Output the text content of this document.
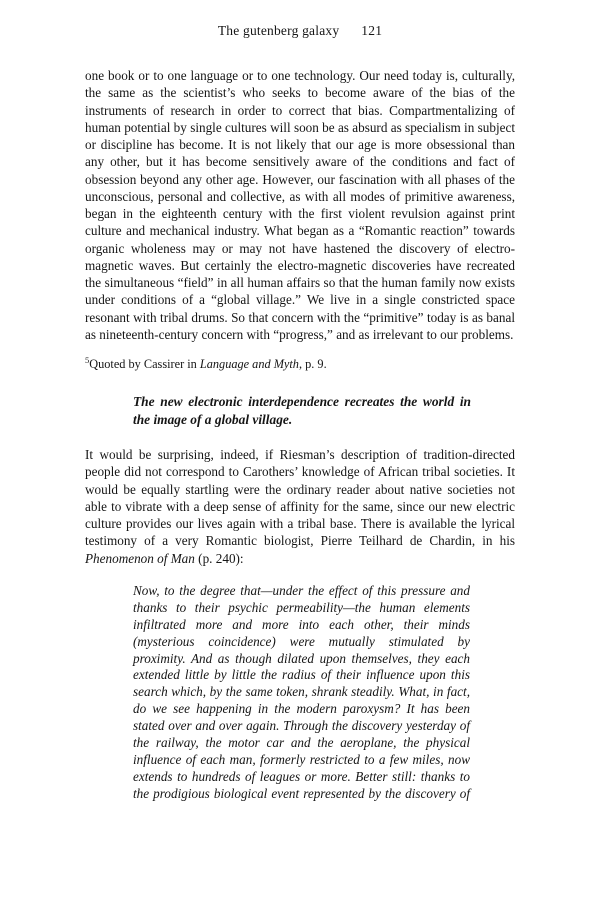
The gutenberg galaxy 121

one book or to one language or to one technology. Our need today is, culturally, the same as the scientist’s who seeks to become aware of the bias of the instruments of research in order to correct that bias. Compartmentalizing of human potential by single cultures will soon be as absurd as specialism in subject or discipline has become. It is not likely that our age is more obsessional than any other, but it has become sensitively aware of the conditions and fact of obsession beyond any other age. However, our fascination with all phases of the unconscious, personal and collective, as with all modes of primitive awareness, began in the eighteenth century with the first violent revulsion against print culture and mechanical industry. What began as a “Romantic reaction” towards organic wholeness may or may not have hastened the discovery of electro-magnetic waves. But certainly the electro-magnetic discoveries have recreated the simultaneous “field” in all human affairs so that the human family now exists under conditions of a “global village.” We live in a single constricted space resonant with tribal drums. So that concern with the “primitive” today is as banal as nineteenth-century concern with “progress,” and as irrelevant to our problems.

$^5$Quoted by Cassirer in Language and Myth, p. 9.
The new electronic interdependence recreates the world in the image of a global village.

It would be surprising, indeed, if Riesman’s description of tradition-directed people did not correspond to Carothers’ knowledge of African tribal societies. It would be equally startling were the ordinary reader about native societies not able to vibrate with a deep sense of affinity for the same, since our new electric culture provides our lives again with a tribal base. There is available the lyrical testimony of a very Romantic biologist, Pierre Teilhard de Chardin, in his Phenomenon of Man (p. 240):

Now, to the degree that—under the effect of this pressure and thanks to their psychic permeability—the human elements infiltrated more and more into each other, their minds (mysterious coincidence) were mutually stimulated by proximity. And as though dilated upon themselves, they each extended little by little the radius of their influence upon this search which, by the same token, shrank steadily. What, in fact, do we see happening in the modern paroxysm? It has been stated over and over again. Through the discovery yesterday of the railway, the motor car and the aeroplane, the physical influence of each man, formerly restricted to a few miles, now extends to hundreds of leagues or more. Better still: thanks to the prodigious biological event represented by the discovery of
